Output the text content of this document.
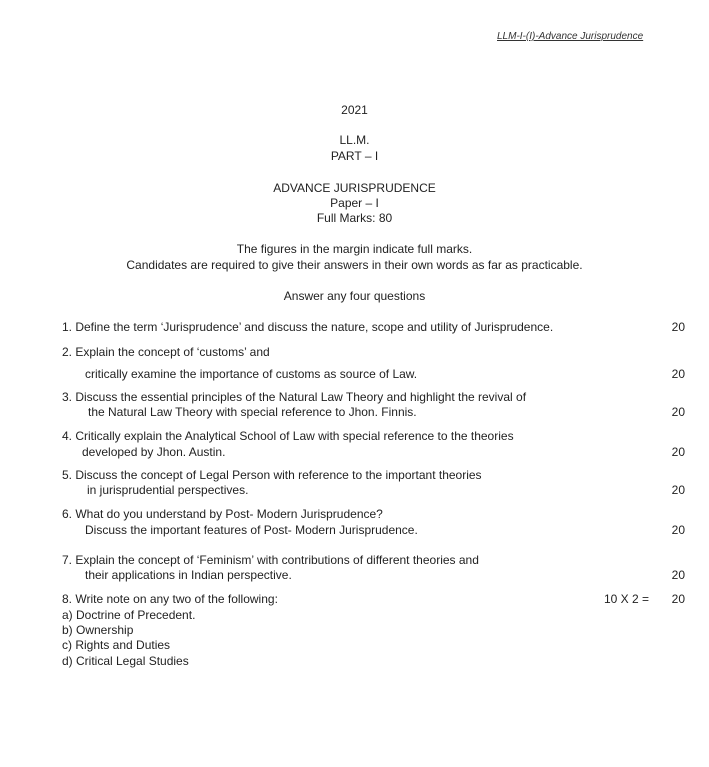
LLM-I-(I)-Advance Jurisprudence
2021
LL.M.
PART – I
ADVANCE JURISPRUDENCE
Paper – I
Full Marks: 80
The figures in the margin indicate full marks.
Candidates are required to give their answers in their own words as far as practicable.
Answer any four questions
1. Define the term ‘Jurisprudence’ and discuss the nature, scope and utility of Jurisprudence.	20
2. Explain the concept of ‘customs’ and
critically examine the importance of customs as source of Law.	20
3. Discuss the essential principles of the Natural Law Theory and highlight the revival of
the Natural Law Theory with special reference to Jhon. Finnis.	20
4. Critically explain the Analytical School of Law with special reference to the theories
developed by Jhon. Austin.	20
5. Discuss the concept of Legal Person with reference to the important theories
in jurisprudential perspectives.	20
6. What do you understand by Post- Modern Jurisprudence?
Discuss the important features of Post- Modern Jurisprudence.	20
7. Explain the concept of ‘Feminism’ with contributions of different theories and
their applications in Indian perspective.	20
8. Write note on any two of the following:	10 X 2 =	20
a) Doctrine of Precedent.
b) Ownership
c) Rights and Duties
d) Critical Legal Studies
